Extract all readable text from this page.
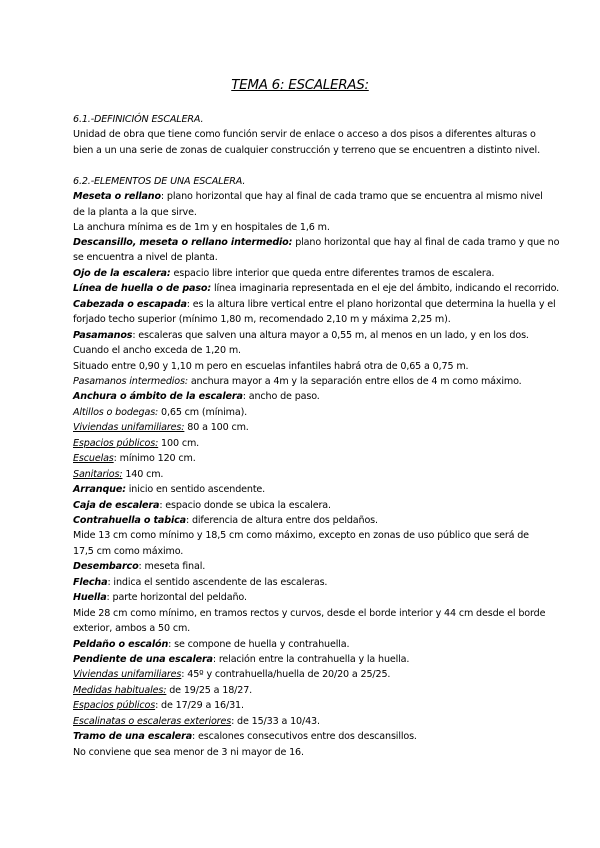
TEMA 6: ESCALERAS:
6.1.-DEFINICIÓN ESCALERA.
Unidad de obra que tiene como función servir de enlace o acceso a dos pisos a diferentes alturas o
bien a un una serie de zonas de cualquier construcción y terreno que se encuentren a distinto nivel.
6.2.-ELEMENTOS DE UNA ESCALERA.
Meseta o rellano: plano horizontal que hay al final de cada tramo que se encuentra al mismo nivel
de la planta a la que sirve.
La anchura mínima es de 1m y en hospitales de 1,6 m.
Descansillo, meseta o rellano intermedio: plano horizontal que hay al final de cada tramo y que no
se encuentra a nivel de planta.
Ojo de la escalera: espacio libre interior que queda entre diferentes tramos de escalera.
Línea de huella o de paso: línea imaginaria representada en el eje del ámbito, indicando el recorrido.
Cabezada o escapada: es la altura libre vertical entre el plano horizontal que determina la huella y el
forjado techo superior (mínimo 1,80 m, recomendado 2,10 m y máxima 2,25 m).
Pasamanos: escaleras que salven una altura mayor a 0,55 m, al menos en un lado, y en los dos.
Cuando el ancho exceda de 1,20 m.
Situado entre 0,90 y 1,10 m pero en escuelas infantiles habrá otra de 0,65 a 0,75 m.
Pasamanos intermedios: anchura mayor a 4m y la separación entre ellos de 4 m como máximo.
Anchura o ámbito de la escalera: ancho de paso.
Altillos o bodegas: 0,65 cm (mínima).
Viviendas unifamiliares: 80 a 100 cm.
Espacios públicos: 100 cm.
Escuelas: mínimo 120 cm.
Sanitarios: 140 cm.
Arranque: inicio en sentido ascendente.
Caja de escalera: espacio donde se ubica la escalera.
Contrahuella o tabica: diferencia de altura entre dos peldaños.
Mide 13 cm como mínimo y 18,5 cm como máximo, excepto en zonas de uso público que será de
17,5 cm como máximo.
Desembarco: meseta final.
Flecha: indica el sentido ascendente de las escaleras.
Huella: parte horizontal del peldaño.
Mide 28 cm como mínimo, en tramos rectos y curvos, desde el borde interior y 44 cm desde el borde
exterior, ambos a 50 cm.
Peldaño o escalón: se compone de huella y contrahuella.
Pendiente de una escalera: relación entre la contrahuella y la huella.
Viviendas unifamiliares: 45º y contrahuella/huella de 20/20 a 25/25.
Medidas habituales: de 19/25 a 18/27.
Espacios públicos: de 17/29 a 16/31.
Escalinatas o escaleras exteriores: de 15/33 a 10/43.
Tramo de una escalera: escalones consecutivos entre dos descansillos.
No conviene que sea menor de 3 ni mayor de 16.
